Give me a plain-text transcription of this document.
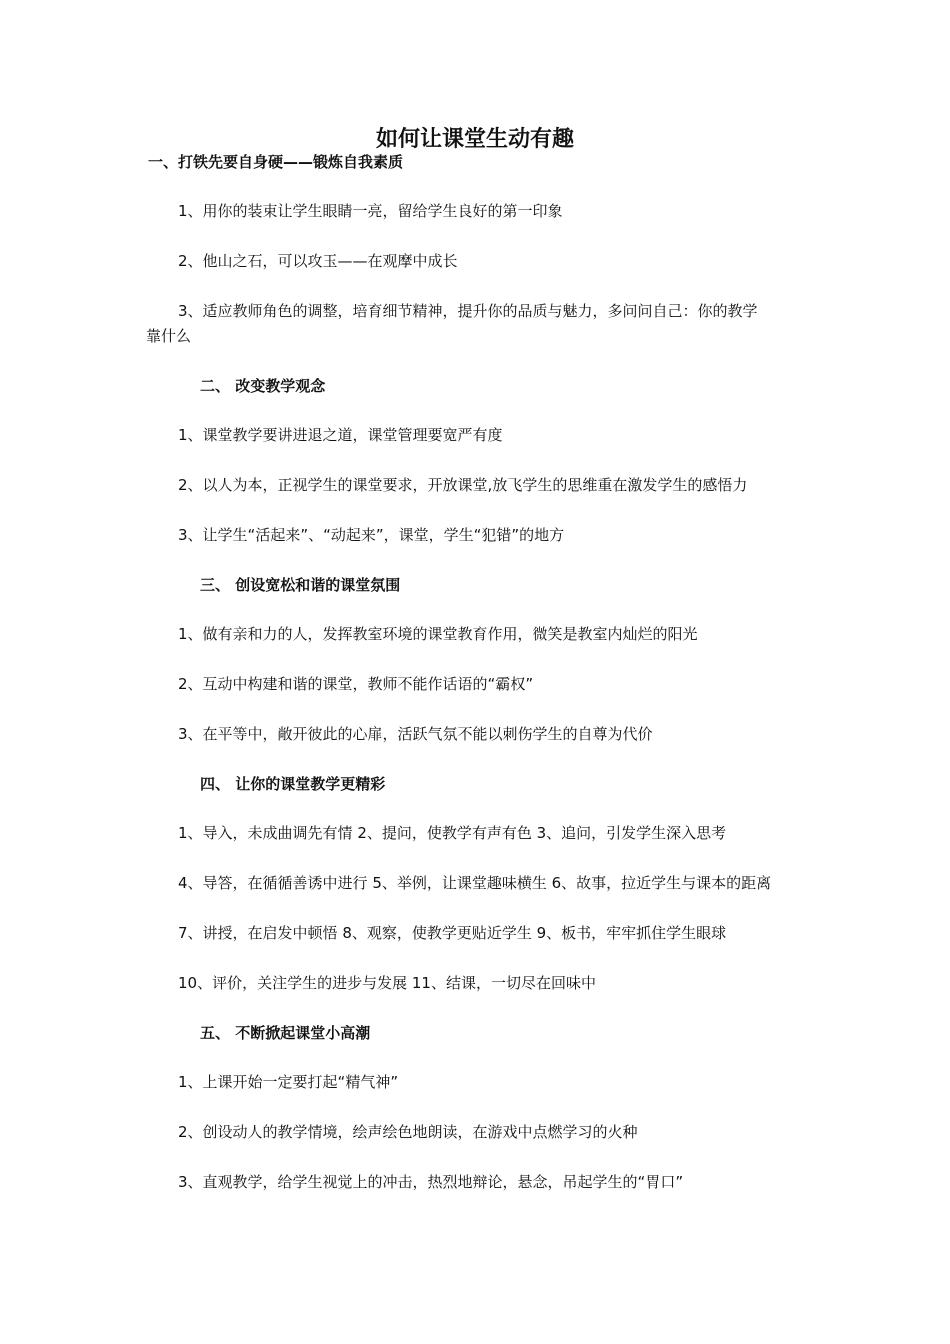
如何让课堂生动有趣
一、打铁先要自身硬——锻炼自我素质
1、用你的装束让学生眼睛一亮，留给学生良好的第一印象
2、他山之石，可以攻玉——在观摩中成长
3、适应教师角色的调整，培育细节精神，提升你的品质与魅力，多问问自己：你的教学
靠什么
二、 改变教学观念
1、课堂教学要讲进退之道，课堂管理要宽严有度
2、以人为本，正视学生的课堂要求，开放课堂,放飞学生的思维重在激发学生的感悟力
3、让学生“活起来”、“动起来”，课堂，学生“犯错”的地方
三、 创设宽松和谐的课堂氛围
1、做有亲和力的人，发挥教室环境的课堂教育作用，微笑是教室内灿烂的阳光
2、互动中构建和谐的课堂，教师不能作话语的“霸权”
3、在平等中，敞开彼此的心扉，活跃气氛不能以刺伤学生的自尊为代价
四、 让你的课堂教学更精彩
1、导入，未成曲调先有情 2、提问，使教学有声有色 3、追问，引发学生深入思考
4、导答，在循循善诱中进行 5、举例，让课堂趣味横生 6、故事，拉近学生与课本的距离
7、讲授，在启发中顿悟 8、观察，使教学更贴近学生 9、板书，牢牢抓住学生眼球
10、评价，关注学生的进步与发展 11、结课，一切尽在回味中
五、 不断掀起课堂小高潮
1、上课开始一定要打起“精气神”
2、创设动人的教学情境，绘声绘色地朗读，在游戏中点燃学习的火种
3、直观教学，给学生视觉上的冲击，热烈地辩论，悬念，吊起学生的“胃口”
